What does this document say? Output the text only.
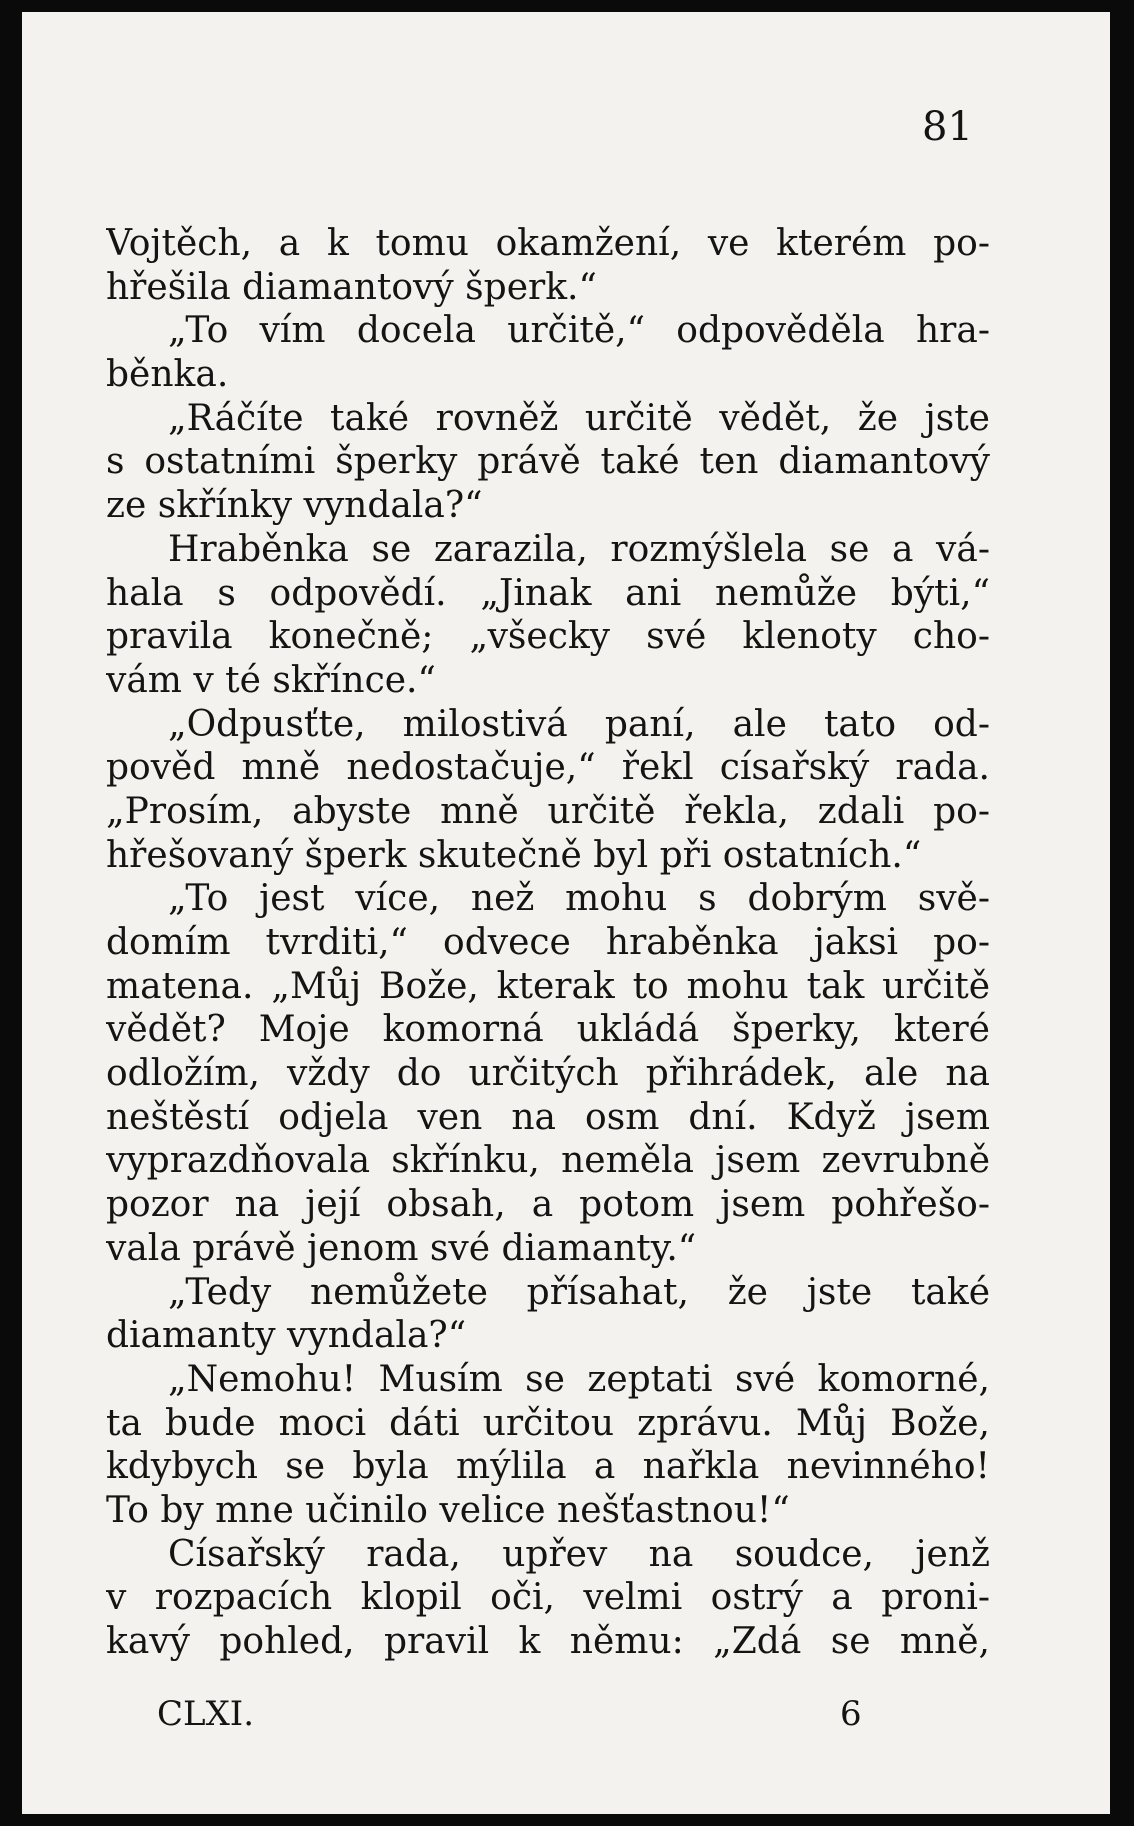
81
Vojtěch, a k tomu okamžení, ve kterém po-
hřešila diamantový šperk.“
„To vím docela určitě,“ odpověděla hra-
běnka.
„Ráčíte také rovněž určitě vědět, že jste
s ostatními šperky právě také ten diamantový
ze skřínky vyndala?“
Hraběnka se zarazila, rozmýšlela se a vá-
hala s odpovědí. „Jinak ani nemůže býti,“
pravila konečně; „všecky své klenoty cho-
vám v té skřínce.“
„Odpusťte, milostivá paní, ale tato od-
pověd mně nedostačuje,“ řekl císařský rada.
„Prosím, abyste mně určitě řekla, zdali po-
hřešovaný šperk skutečně byl při ostatních.“
„To jest více, než mohu s dobrým svě-
domím tvrditi,“ odvece hraběnka jaksi po-
matena. „Můj Bože, kterak to mohu tak určitě
vědět? Moje komorná ukládá šperky, které
odložím, vždy do určitých přihrádek, ale na
neštěstí odjela ven na osm dní. Když jsem
vyprazdňovala skřínku, neměla jsem zevrubně
pozor na její obsah, a potom jsem pohřešo-
vala právě jenom své diamanty.“
„Tedy nemůžete přísahat, že jste také
diamanty vyndala?“
„Nemohu! Musím se zeptati své komorné,
ta bude moci dáti určitou zprávu. Můj Bože,
kdybych se byla mýlila a nařkla nevinného!
To by mne učinilo velice nešťastnou!“
Císařský rada, upřev na soudce, jenž
v rozpacích klopil oči, velmi ostrý a proni-
kavý pohled, pravil k němu: „Zdá se mně,
CLXI.	6
